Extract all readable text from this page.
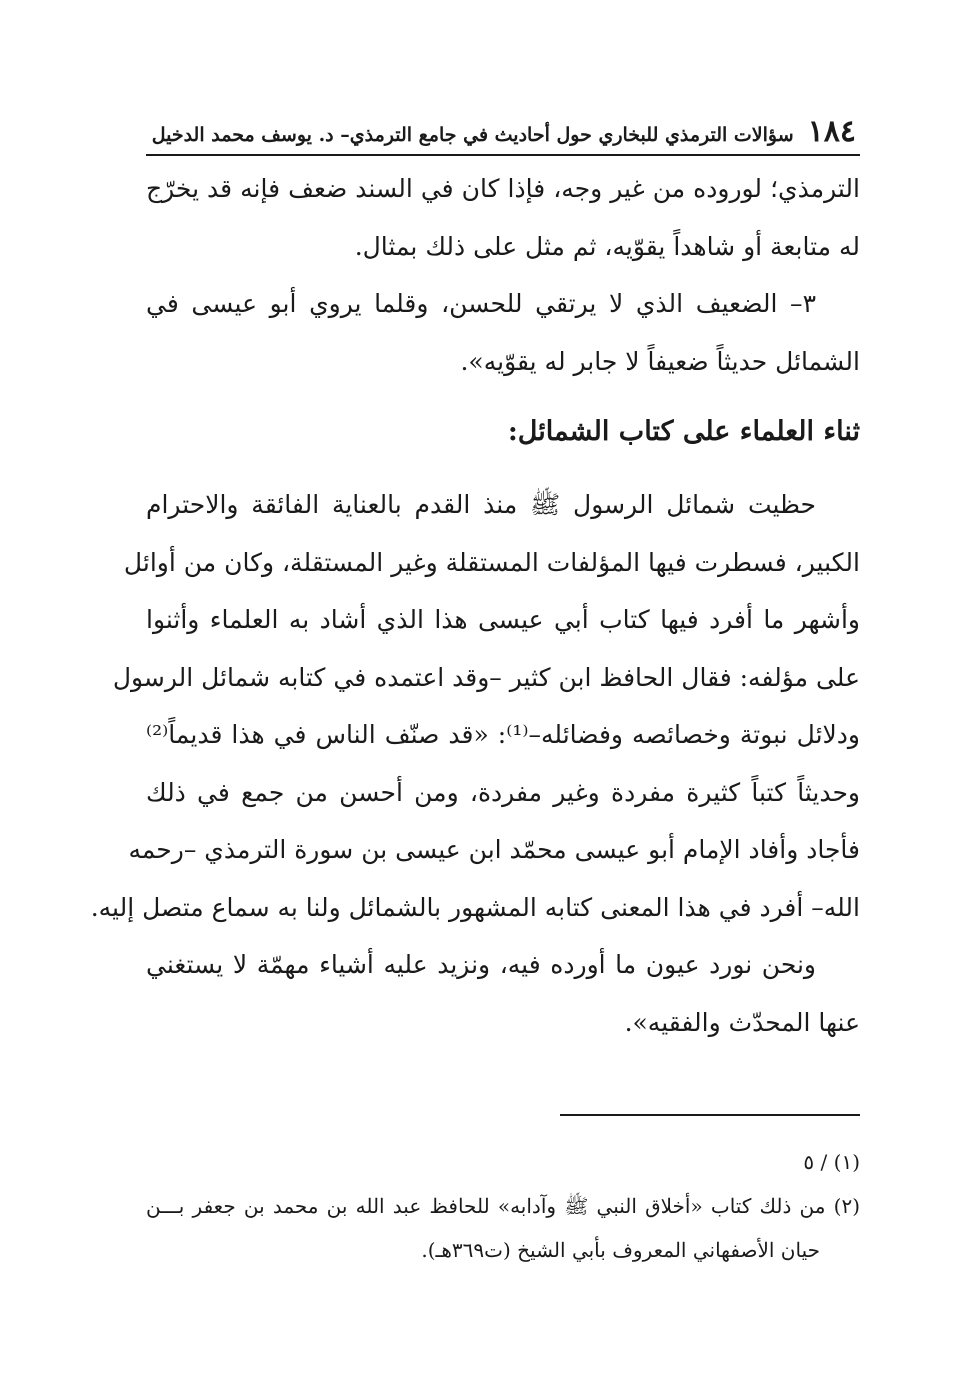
١٨٤
سؤالات الترمذي للبخاري حول أحاديث في جامع الترمذي– د. يوسف محمد الدخيل
الترمذي؛ لوروده من غير وجه، فإذا كان في السند ضعف فإنه قد يخرّج
له متابعة أو شاهداً يقوّيه، ثم مثل على ذلك بمثال.
٣– الضعيف الذي لا يرتقي للحسن، وقلما يروي أبو عيسى في
الشمائل حديثاً ضعيفاً لا جابر له يقوّيه».
ثناء العلماء على كتاب الشمائل:
حظيت شمائل الرسول ﷺ منذ القدم بالعناية الفائقة والاحترام
الكبير، فسطرت فيها المؤلفات المستقلة وغير المستقلة، وكان من أوائل
وأشهر ما أفرد فيها كتاب أبي عيسى هذا الذي أشاد به العلماء وأثنوا
على مؤلفه: فقال الحافظ ابن كثير –وقد اعتمده في كتابه شمائل الرسول
ودلائل نبوتة وخصائصه وفضائله–⁽¹⁾: «قد صنّف الناس في هذا قديماً⁽²⁾
وحديثاً كتباً كثيرة مفردة وغير مفردة، ومن أحسن من جمع في ذلك
فأجاد وأفاد الإمام أبو عيسى محمّد ابن عيسى بن سورة الترمذي –رحمه
الله– أفرد في هذا المعنى كتابه المشهور بالشمائل ولنا به سماع متصل إليه.
ونحن نورد عيون ما أورده فيه، ونزيد عليه أشياء مهمّة لا يستغني
عنها المحدّث والفقيه».
(١) / ٥
(٢) من ذلك كتاب «أخلاق النبي ﷺ وآدابه» للحافظ عبد الله بن محمد بن جعفر بـــن
حيان الأصفهاني المعروف بأبي الشيخ (ت٣٦٩هـ).
